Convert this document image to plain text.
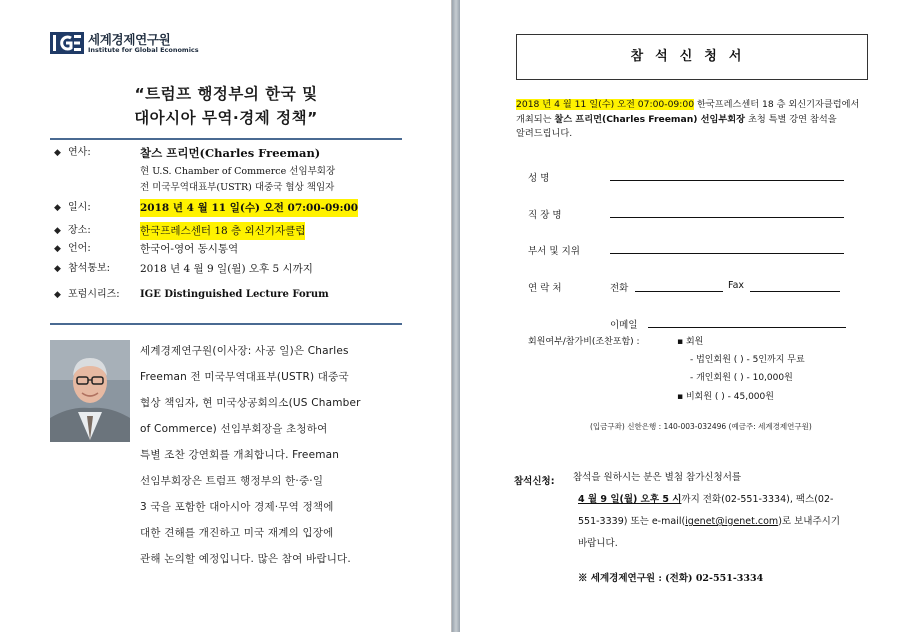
세계경제연구원
Institute for Global Economics
“트럼프 행정부의 한국 및
대아시아 무역·경제 정책”
◆ 연사:	찰스 프리먼(Charles Freeman)
현 U.S. Chamber of Commerce 선임부회장
전 미국무역대표부(USTR) 대중국 협상 책임자
◆ 일시:	2018 년 4 월 11 일(수) 오전 07:00-09:00
◆ 장소:	한국프레스센터 18 층 외신기자클럽
◆ 언어:	한국어-영어 동시통역
◆ 참석통보:	2018 년 4 월 9 일(월) 오후 5 시까지
◆ 포럼시리즈: IGE Distinguished Lecture Forum
세계경제연구원(이사장: 사공 일)은 Charles
Freeman 전 미국무역대표부(USTR) 대중국
협상 책임자, 현 미국상공회의소(US Chamber
of Commerce) 선임부회장을 초청하여
특별 조찬 강연회를 개최합니다. Freeman
선임부회장은 트럼프 행정부의 한·중·일
3 국을 포함한 대아시아 경제·무역 정책에
대한 견해를 개진하고 미국 재계의 입장에
관해 논의할 예정입니다. 많은 참여 바랍니다.
참석신청서
2018 년 4 월 11 일(수) 오전 07:00-09:00 한국프레스센터 18 층 외신기자클럽에서
개최되는 찰스 프리먼(Charles Freeman) 선임부회장 초청 특별 강연 참석을
알려드립니다.
성 명
직 장 명
부서 및 지위
연 락 처	전화	Fax
이메일
회원여부/참가비(조찬포함) :	▪ 회원
- 법인회원 ( ) - 5인까지 무료
- 개인회원 ( ) - 10,000원
▪ 비회원 ( ) - 45,000원
(입금구좌) 신한은행 : 140-003-032496 (예금주: 세계경제연구원)
참석신청: 참석을 원하시는 분은 별첨 참가신청서를
4 월 9 일(월) 오후 5 시까지 전화(02-551-3334), 팩스(02-
551-3339) 또는 e-mail(igenet@igenet.com)로 보내주시기
바랍니다.
※ 세계경제연구원 : (전화) 02-551-3334
